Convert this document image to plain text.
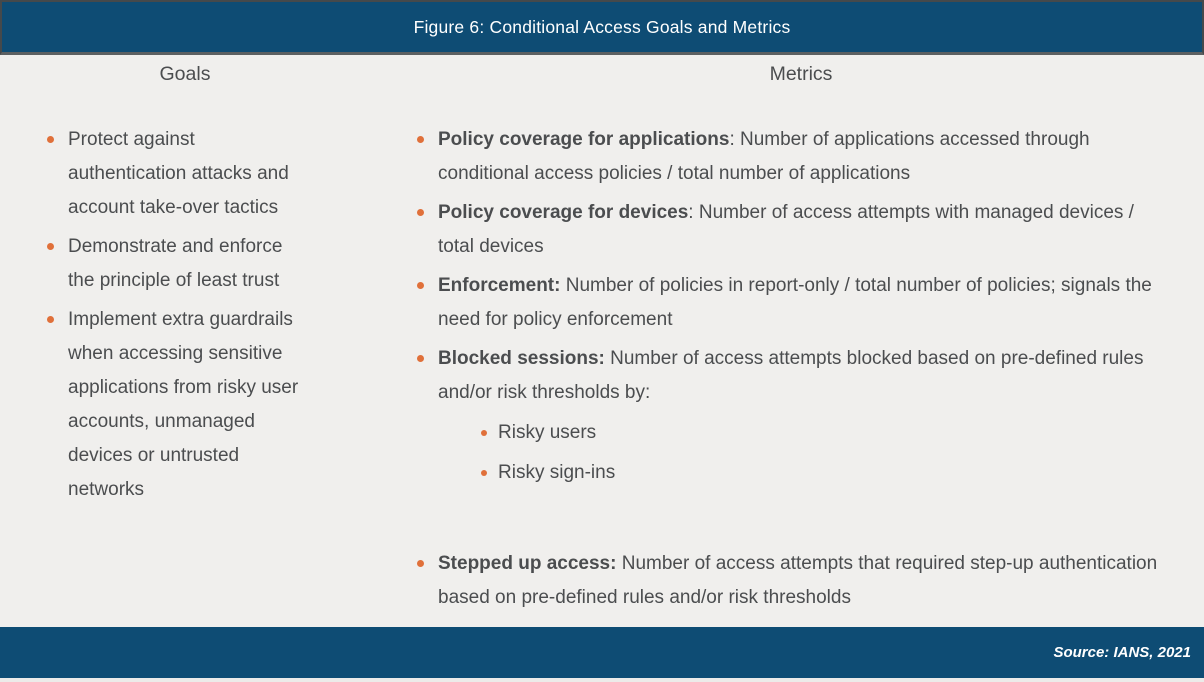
Figure 6: Conditional Access Goals and Metrics
Goals
Protect against authentication attacks and account take-over tactics
Demonstrate and enforce the principle of least trust
Implement extra guardrails when accessing sensitive applications from risky user accounts, unmanaged devices or untrusted networks
Metrics
Policy coverage for applications: Number of applications accessed through conditional access policies / total number of applications
Policy coverage for devices: Number of access attempts with managed devices / total devices
Enforcement: Number of policies in report-only / total number of policies; signals the need for policy enforcement
Blocked sessions: Number of access attempts blocked based on pre-defined rules and/or risk thresholds by:
Risky users
Risky sign-ins
Stepped up access: Number of access attempts that required step-up authentication based on pre-defined rules and/or risk thresholds
Source: IANS, 2021
